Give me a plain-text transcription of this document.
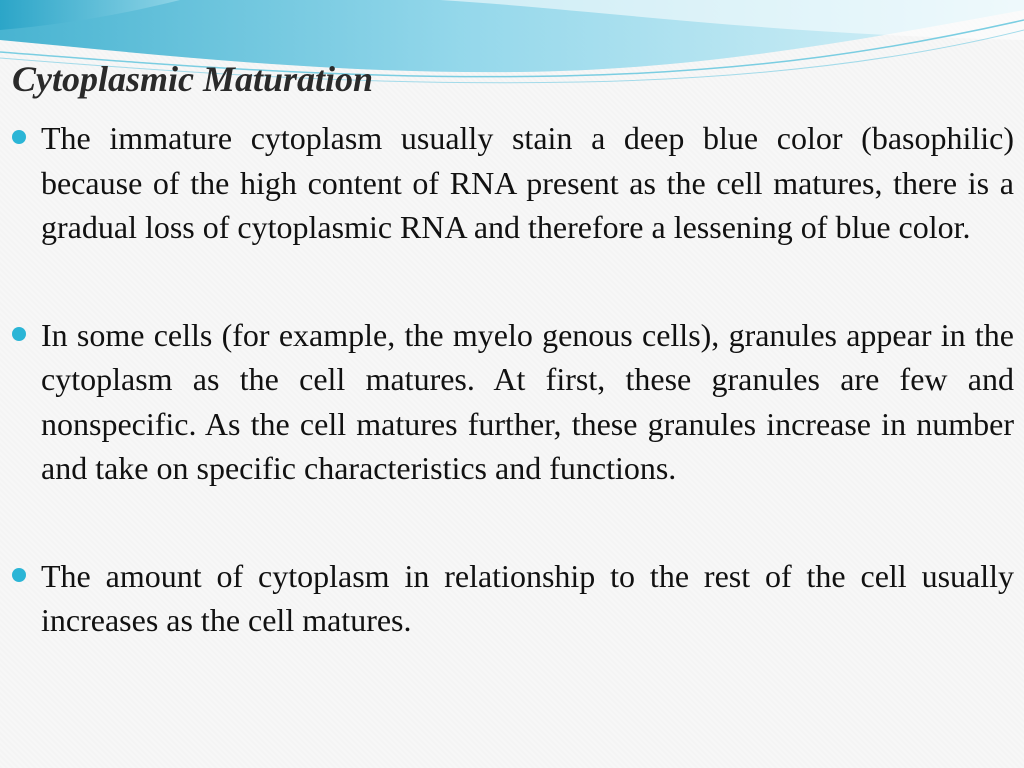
Cytoplasmic Maturation
The immature cytoplasm usually stain a deep blue color (basophilic) because of the high content of RNA present as the cell matures, there is a gradual loss of cytoplasmic RNA and therefore a lessening of blue color.
In some cells (for example, the myelo genous cells), granules appear in the cytoplasm as the cell matures. At first, these granules are few and nonspecific. As the cell matures further, these granules increase in number and take on specific characteristics and functions.
The amount of cytoplasm in relationship to the rest of the cell usually increases as the cell matures.
